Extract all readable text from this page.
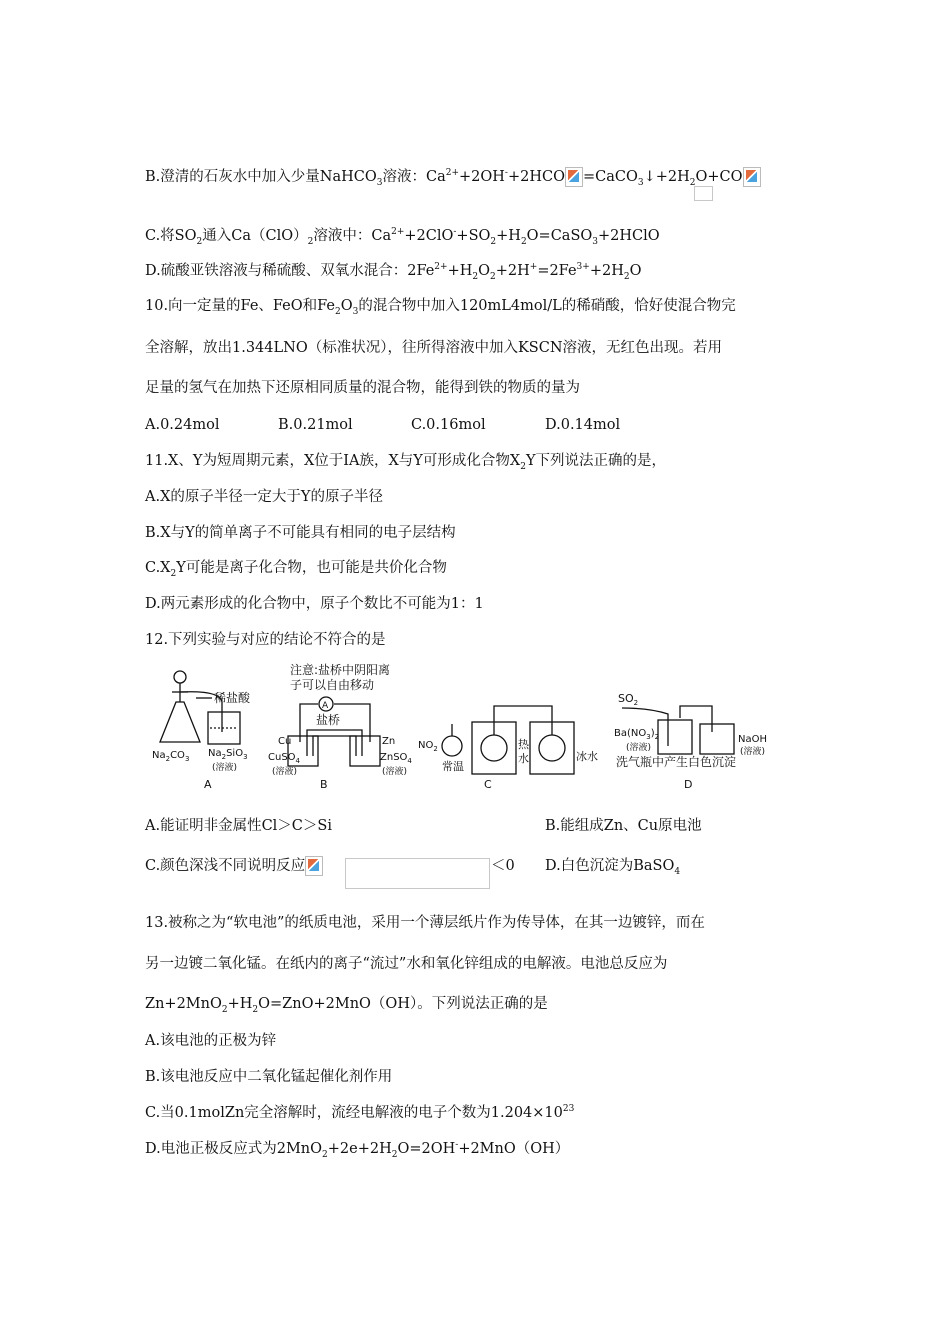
B.澄清的石灰水中加入少量NaHCO$_3$溶液：$Ca^{2+}+2OH^-+2HCO$ $=CaCO_3↓+2H_2O+CO$
C.将$SO_2$通入$Ca(ClO)_2$溶液中：$Ca^{2+}+2ClO^-+SO_2+H_2O=CaSO_3+2HClO$
D.硫酸亚铁溶液与稀硫酸、双氧水混合：$2Fe^{2+}+H_2O_2+2H^+=2Fe^{3+}+2H_2O$
10.向一定量的Fe、FeO和$Fe_2O_3$的混合物中加入120mL4mol/L的稀硝酸，恰好使混合物完
全溶解，放出1.344LNO（标准状况），往所得溶液中加入KSCN溶液，无红色出现。若用
足量的氢气在加热下还原相同质量的混合物，能得到铁的物质的量为
A.0.24mol	B.0.21mol	C.0.16mol	D.0.14mol
11.X、Y为短周期元素，X位于ⅠA族，X与Y可形成化合物$X_2Y$下列说法正确的是，
A.X的原子半径一定大于Y的原子半径
B.X与Y的简单离子不可能具有相同的电子层结构
$C.X_2Y$可能是离子化合物，也可能是共价化合物
D.两元素形成的化合物中，原子个数比不可能为1：1
12.下列实验与对应的结论不符合的是
稀盐酸
$Na_2CO_3$ $Na_2SiO_3$
(溶液)
A
注意:盐桥中阴阳离
子可以自由移动
A
盐桥
Cu	Zn
CuSO$_4$	ZnSO$_4$
(溶液)	(溶液)
B
$NO_2$
常温
热
水	冰水
C
$SO_2$
$Ba(NO_3)_2$
(溶液)
NaOH
(溶液)
洗气瓶中产生白色沉淀
D
A.能证明非金属性Cl＞C＞Si	B.能组成Zn、Cu原电池
C.颜色深浅不同说明反应	＜0 D.白色沉淀为BaSO$_4$
13.被称之为“软电池”的纸质电池，采用一个薄层纸片作为传导体，在其一边镀锌，而在
另一边镀二氧化锰。在纸内的离子“流过”水和氧化锌组成的电解液。电池总反应为
$Zn+2MnO_2+H_2O=ZnO+2MnO(OH)$。下列说法正确的是
A.该电池的正极为锌
B.该电池反应中二氧化锰起催化剂作用
C.当0.1molZn完全溶解时，流经电解液的电子个数为$1.204\times 10^{23}$
D.电池正极反应式为$2MnO_2+2e+2H_2O=2OH^-+2MnO(OH)$
